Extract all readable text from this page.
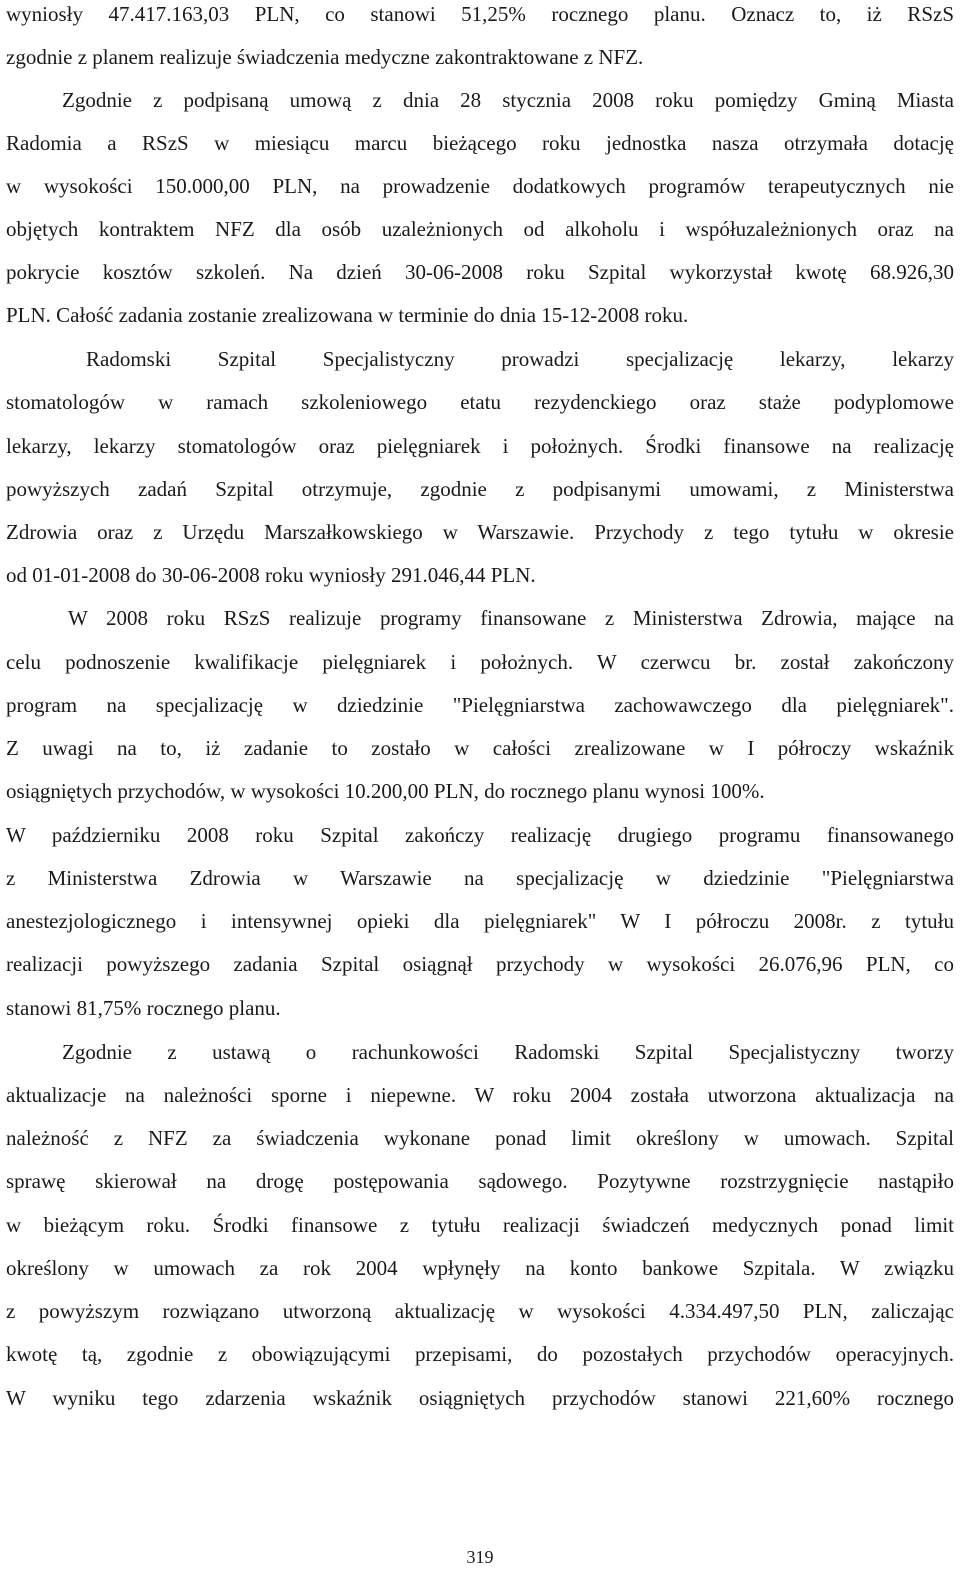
wyniosły 47.417.163,03 PLN, co stanowi 51,25% rocznego planu. Oznacz to, iż RSzS
zgodnie z planem realizuje świadczenia medyczne zakontraktowane z NFZ.
Zgodnie z podpisaną umową z dnia 28 stycznia 2008 roku pomiędzy Gminą Miasta
Radomia a RSzS w miesiącu marcu bieżącego roku jednostka nasza otrzymała dotację
w wysokości 150.000,00 PLN, na prowadzenie dodatkowych programów terapeutycznych nie
objętych kontraktem NFZ dla osób uzależnionych od alkoholu i współuzależnionych oraz na
pokrycie kosztów szkoleń. Na dzień 30-06-2008 roku Szpital wykorzystał kwotę 68.926,30
PLN. Całość zadania zostanie zrealizowana w terminie do dnia 15-12-2008 roku.
Radomski Szpital Specjalistyczny prowadzi specjalizację lekarzy, lekarzy
stomatologów w ramach szkoleniowego etatu rezydenckiego oraz staże podyplomowe
lekarzy, lekarzy stomatologów oraz pielęgniarek i położnych. Środki finansowe na realizację
powyższych zadań Szpital otrzymuje, zgodnie z podpisanymi umowami, z Ministerstwa
Zdrowia oraz z Urzędu Marszałkowskiego w Warszawie. Przychody z tego tytułu w okresie
od 01-01-2008 do 30-06-2008 roku wyniosły 291.046,44 PLN.
W 2008 roku RSzS realizuje programy finansowane z Ministerstwa Zdrowia, mające na
celu podnoszenie kwalifikacje pielęgniarek i położnych. W czerwcu br. został zakończony
program na specjalizację w dziedzinie "Pielęgniarstwa zachowawczego dla pielęgniarek".
Z uwagi na to, iż zadanie to zostało w całości zrealizowane w I półroczy wskaźnik
osiągniętych przychodów, w wysokości 10.200,00 PLN, do rocznego planu wynosi 100%.
W październiku 2008 roku Szpital zakończy realizację drugiego programu finansowanego
z Ministerstwa Zdrowia w Warszawie na specjalizację w dziedzinie "Pielęgniarstwa
anestezjologicznego i intensywnej opieki dla pielęgniarek" W I półroczu 2008r. z tytułu
realizacji powyższego zadania Szpital osiągnął przychody w wysokości 26.076,96 PLN, co
stanowi 81,75% rocznego planu.
Zgodnie z ustawą o rachunkowości Radomski Szpital Specjalistyczny tworzy
aktualizacje na należności sporne i niepewne. W roku 2004 została utworzona aktualizacja na
należność z NFZ za świadczenia wykonane ponad limit określony w umowach. Szpital
sprawę skierował na drogę postępowania sądowego. Pozytywne rozstrzygnięcie nastąpiło
w bieżącym roku. Środki finansowe z tytułu realizacji świadczeń medycznych ponad limit
określony w umowach za rok 2004 wpłynęły na konto bankowe Szpitala. W związku
z powyższym rozwiązano utworzoną aktualizację w wysokości 4.334.497,50 PLN, zaliczając
kwotę tą, zgodnie z obowiązującymi przepisami, do pozostałych przychodów operacyjnych.
W wyniku tego zdarzenia wskaźnik osiągniętych przychodów stanowi 221,60% rocznego
319
